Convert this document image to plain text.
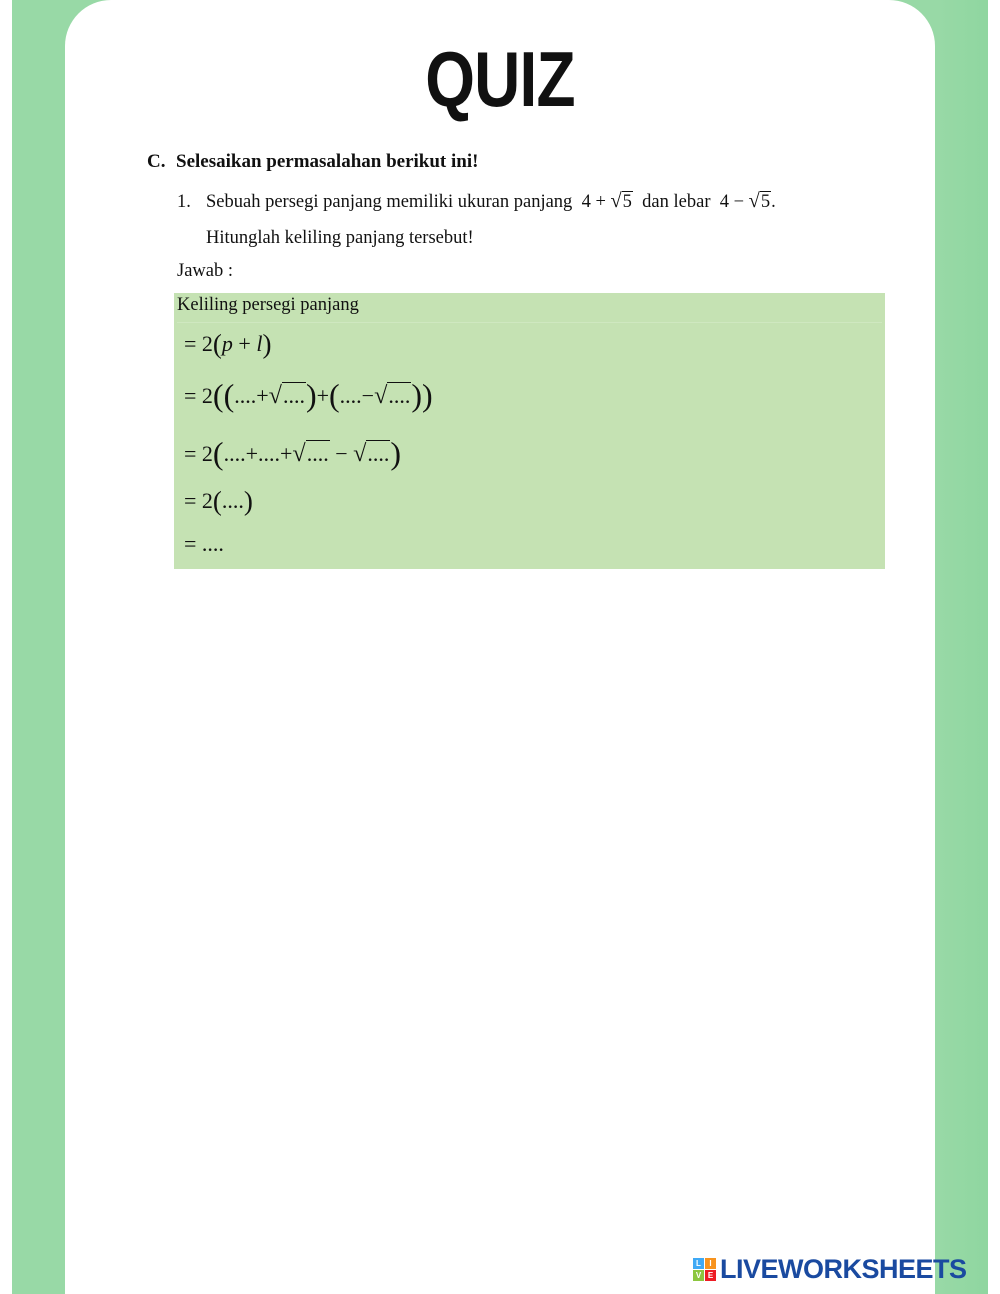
QUIZ
C. Selesaikan permasalahan berikut ini!
1. Sebuah persegi panjang memiliki ukuran panjang 4 + √5 dan lebar 4 − √5.
Hitunglah keliling panjang tersebut!
Jawab :
Keliling persegi panjang
= 2(p + l)
= 2((....+√....)+(....−√....))
= 2(....+....+√.... − √....)
= 2(....)
= ....
L	I
V E LIVEWORKSHEETS
